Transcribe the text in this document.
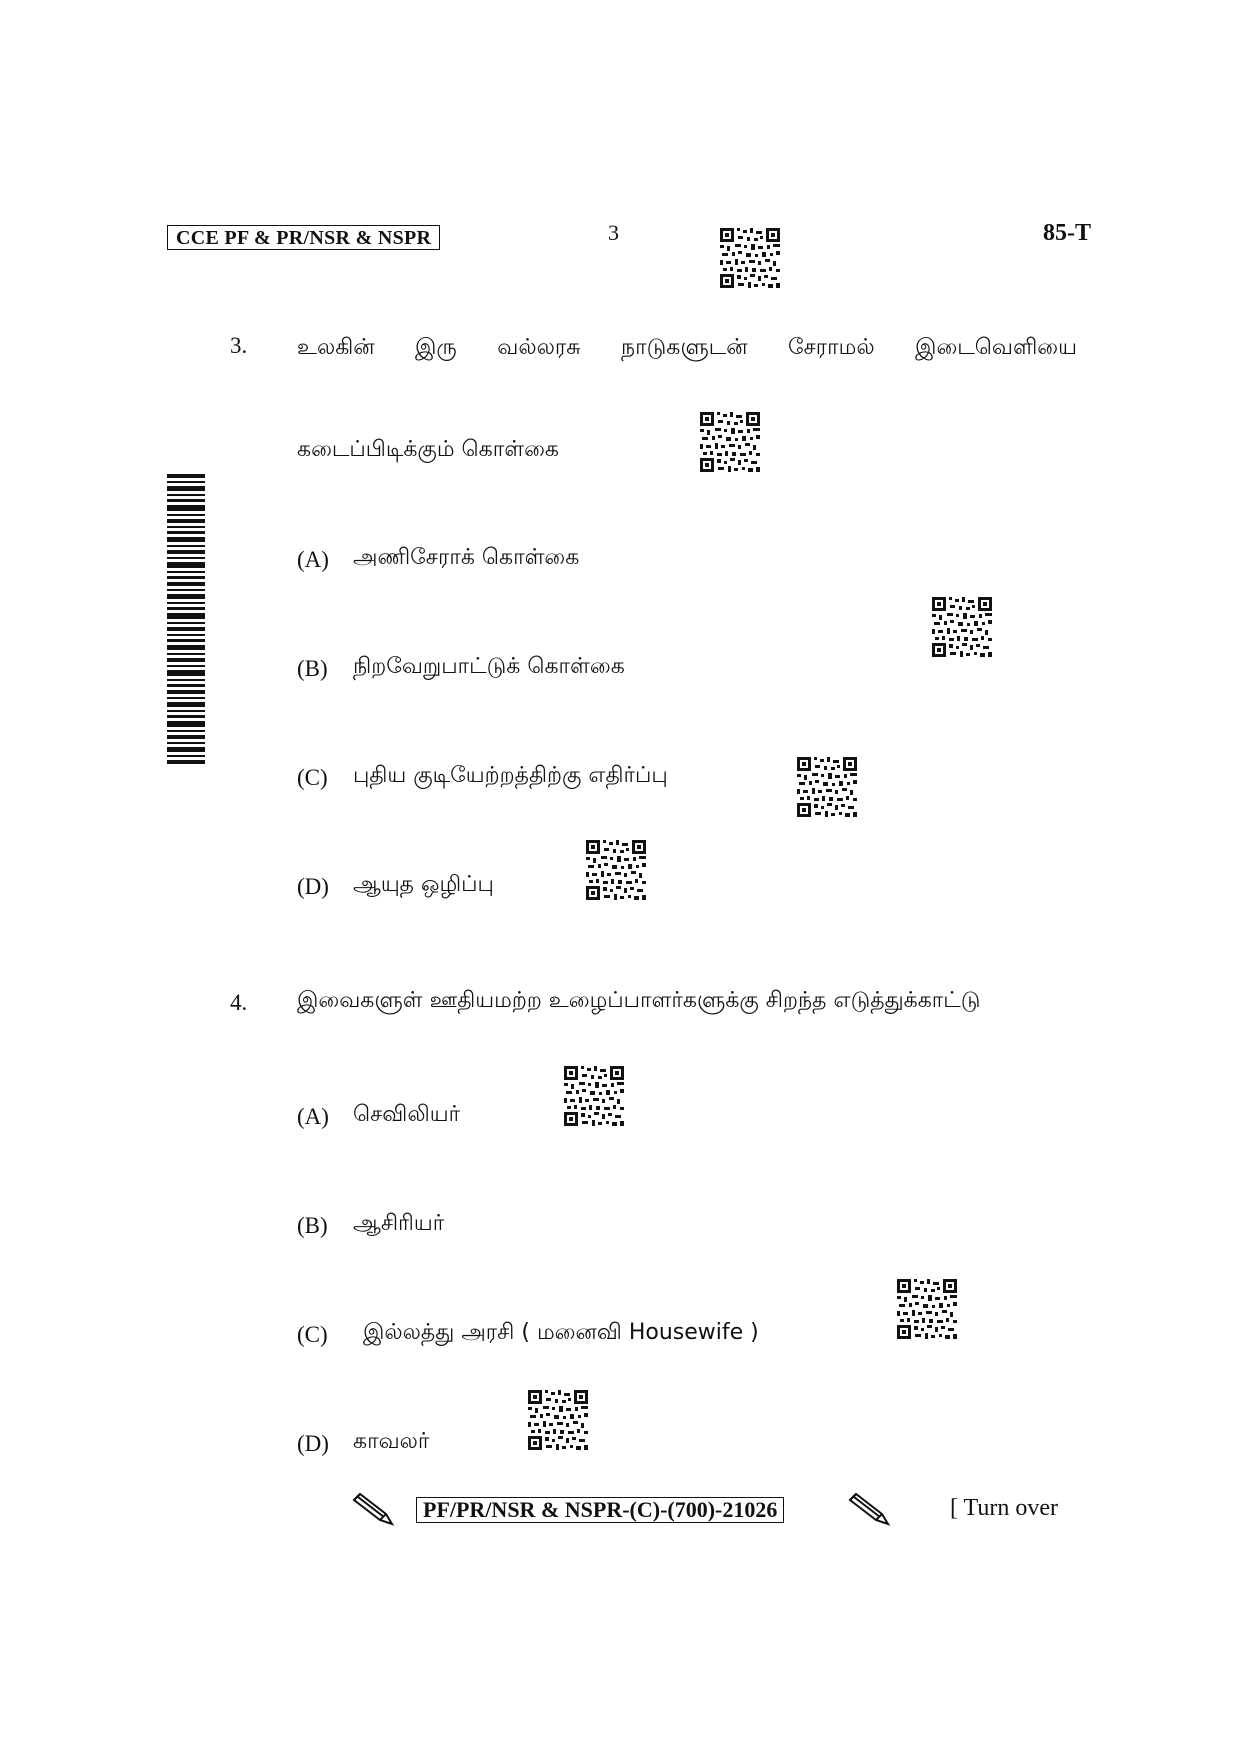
CCE PF & PR/NSR & NSPR	3	85-T
3. உலகின் இரு வல்லரசு நாடுகளுடன் சேராமல் இடைவெளியை
கடைப்பிடிக்கும் கொள்கை
(A) அணிசேராக் கொள்கை
(B) நிறவேறுபாட்டுக் கொள்கை
(C) புதிய குடியேற்றத்திற்கு எதிர்ப்பு
(D) ஆயுத ஒழிப்பு
4. இவைகளுள் ஊதியமற்ற உழைப்பாளர்களுக்கு சிறந்த எடுத்துக்காட்டு
(A) செவிலியர்
(B) ஆசிரியர்
(C) இல்லத்து அரசி ( மனைவி Housewife )
(D) காவலர்
PF/PR/NSR & NSPR-(C)-(700)-21026	[ Turn over
